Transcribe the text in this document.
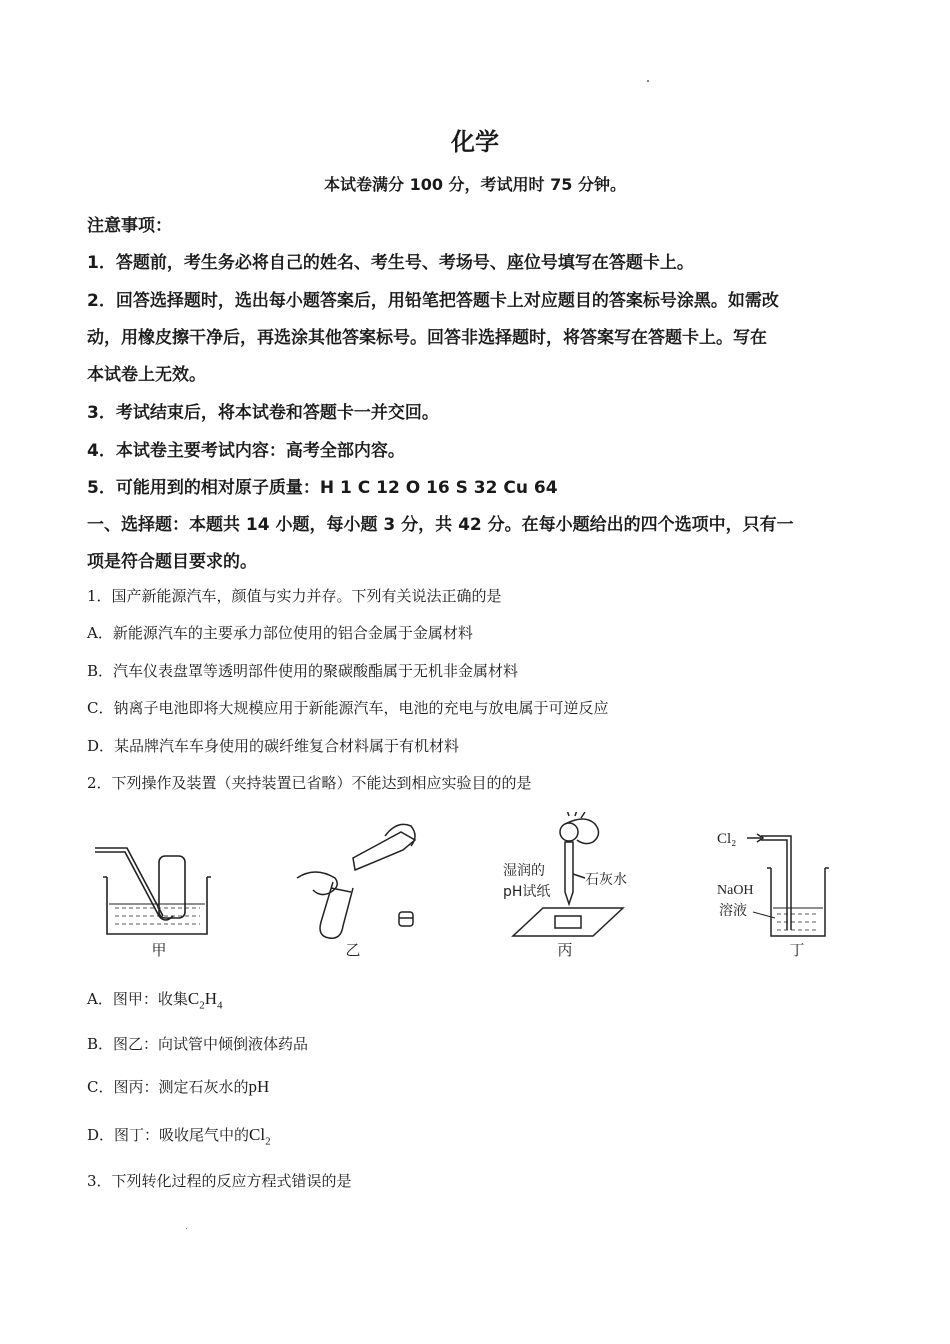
化学
本试卷满分 100 分，考试用时 75 分钟。
注意事项：
1．答题前，考生务必将自己的姓名、考生号、考场号、座位号填写在答题卡上。
2．回答选择题时，选出每小题答案后，用铅笔把答题卡上对应题目的答案标号涂黑。如需改
动，用橡皮擦干净后，再选涂其他答案标号。回答非选择题时，将答案写在答题卡上。写在
本试卷上无效。
3．考试结束后，将本试卷和答题卡一并交回。
4．本试卷主要考试内容：高考全部内容。
5．可能用到的相对原子质量：H 1 C 12 O 16 S 32 Cu 64
一、选择题：本题共 14 小题，每小题 3 分，共 42 分。在每小题给出的四个选项中，只有一
项是符合题目要求的。
1．国产新能源汽车，颜值与实力并存。下列有关说法正确的是
A．新能源汽车的主要承力部位使用的铝合金属于金属材料
B．汽车仪表盘罩等透明部件使用的聚碳酸酯属于无机非金属材料
C．钠离子电池即将大规模应用于新能源汽车，电池的充电与放电属于可逆反应
D．某品牌汽车车身使用的碳纤维复合材料属于有机材料
2．下列操作及装置（夹持装置已省略）不能达到相应实验目的的是
甲	乙
湿润的
pH试纸
石灰水
丙
Cl₂
NaOH
溶液
丁
A．图甲：收集$C_2H_4$
B．图乙：向试管中倾倒液体药品
C．图丙：测定石灰水的pH
D．图丁：吸收尾气中的$Cl_2$
3．下列转化过程的反应方程式错误的是
